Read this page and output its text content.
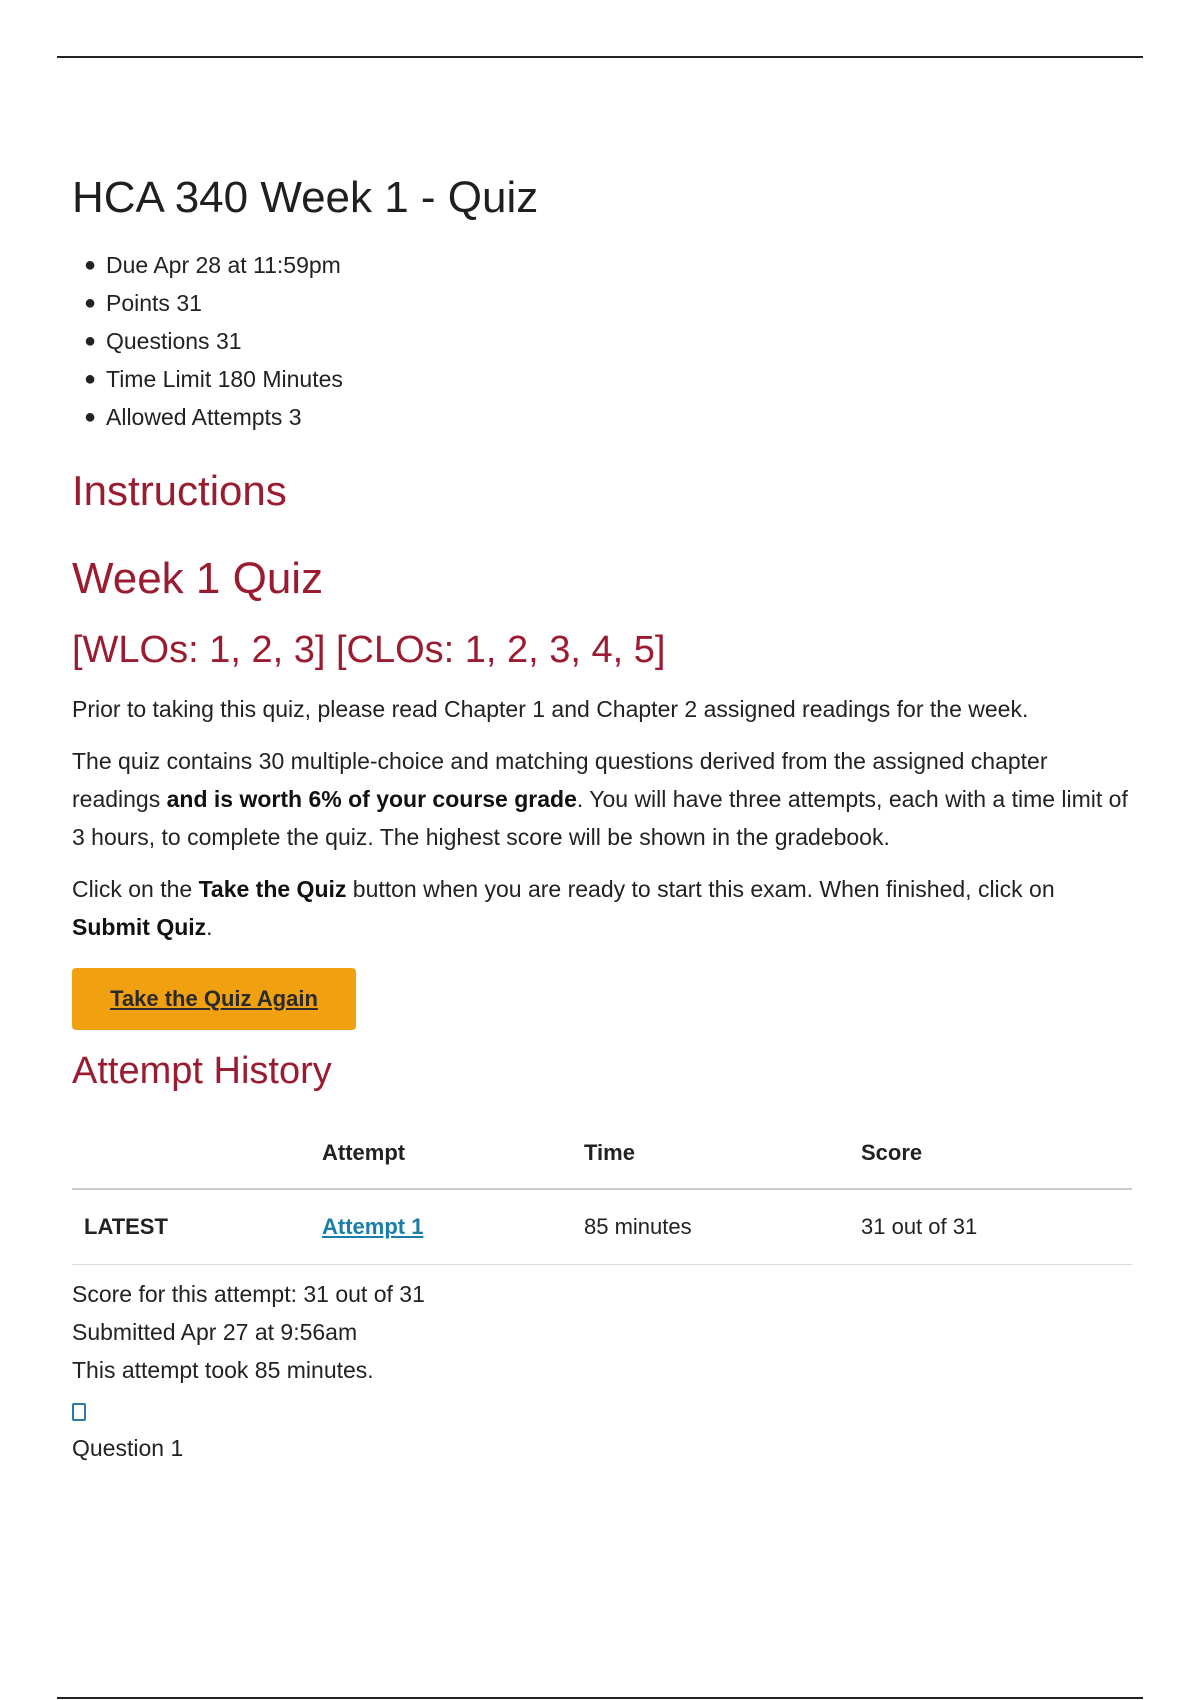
HCA 340 Week 1 - Quiz
● Due Apr 28 at 11:59pm
● Points 31
● Questions 31
● Time Limit 180 Minutes
● Allowed Attempts 3
Instructions
Week 1 Quiz
[WLOs: 1, 2, 3] [CLOs: 1, 2, 3, 4, 5]

Prior to taking this quiz, please read Chapter 1 and Chapter 2 assigned readings for the week.

The quiz contains 30 multiple-choice and matching questions derived from the assigned chapter readings and is worth 6% of your course grade. You will have three attempts, each with a time limit of 3 hours, to complete the quiz. The highest score will be shown in the gradebook.

Click on the Take the Quiz button when you are ready to start this exam. When finished, click on Submit Quiz.

Take the Quiz Again
Attempt History
	Attempt	Time	Score
LATEST	Attempt 1	85 minutes	31 out of 31
Score for this attempt: 31 out of 31
Submitted Apr 27 at 9:56am
This attempt took 85 minutes.
Question 1
